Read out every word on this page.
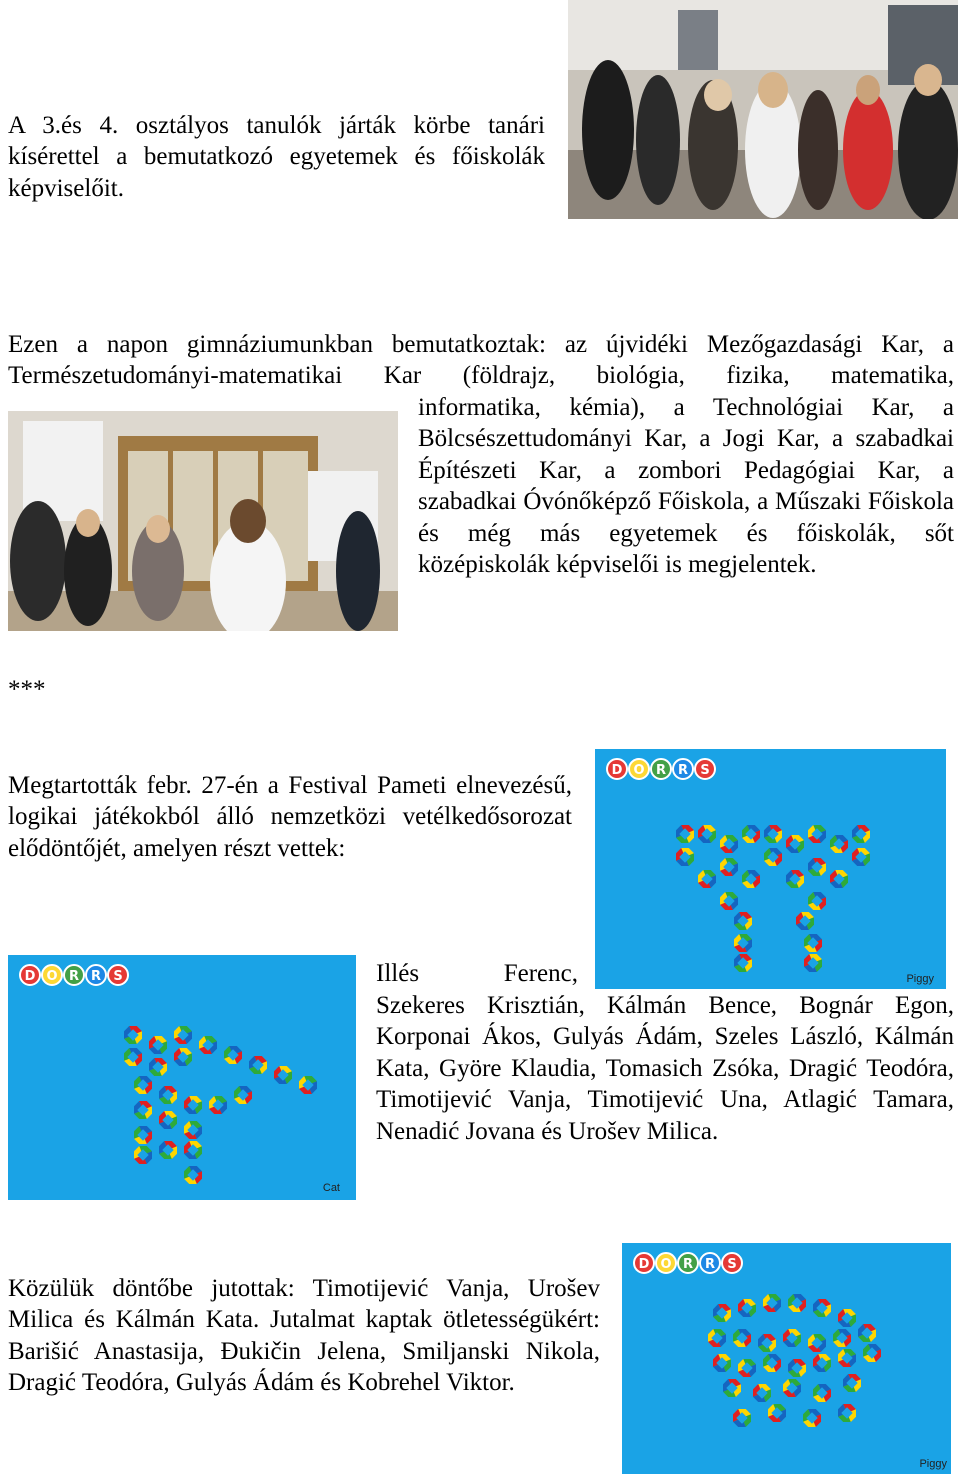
A 3.és 4. osztályos tanulók járták körbe tanári kísérettel a bemutatkozó egyetemek és főiskolák képviselőit.

Ezen a napon gimnáziumunkban bemutatkoztak: az újvidéki Mezőgazdasági Kar, a

Természetudományi-matematikai Kar (földrajz, biológia, fizika, matematika,

informatika, kémia), a Technológiai Kar, a Bölcsészettudományi Kar, a Jogi Kar, a szabadkai Építészeti Kar, a zombori Pedagógiai Kar, a szabadkai Óvónőképző Főiskola, a Műszaki Főiskola és még más egyetemek és főiskolák, sőt középiskolák képviselői is megjelentek.

***

Megtartották febr. 27-én a Festival Pameti elnevezésű, logikai játékokból álló nemzetközi vetélkedősorozat elődöntőjét, amelyen részt vettek:

D O R R S
Piggy
D O R R S
Cat

Illés Ferenc,

Szekeres Krisztián, Kálmán Bence, Bognár Egon, Korponai Ákos, Gulyás Ádám, Szeles László, Kálmán Kata, Györe Klaudia, Tomasich Zsóka, Dragić Teodóra, Timotijević Vanja, Timotijević Una, Atlagić Tamara, Nenadić Jovana és Urošev Milica.

Közülük döntőbe jutottak: Timotijević Vanja, Urošev Milica és Kálmán Kata. Jutalmat kaptak ötletességükért: Barišić Anastasija, Đukičin Jelena, Smiljanski Nikola, Dragić Teodóra, Gulyás Ádám és Kobrehel Viktor.

D O R R S
Piggy
